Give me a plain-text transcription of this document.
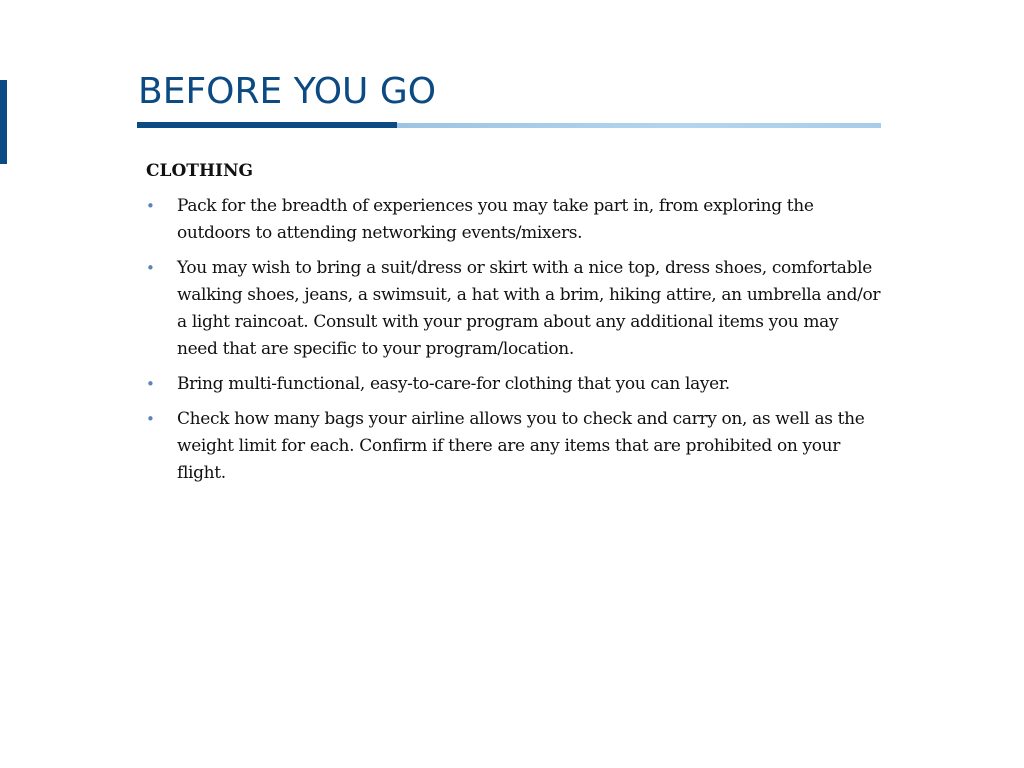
BEFORE YOU GO
CLOTHING
• Pack for the breadth of experiences you may take part in, from exploring the outdoors to attending networking events/mixers.
• You may wish to bring a suit/dress or skirt with a nice top, dress shoes, comfortable walking shoes, jeans, a swimsuit, a hat with a brim, hiking attire, an umbrella and/or a light raincoat. Consult with your program about any additional items you may need that are specific to your program/location.
• Bring multi-functional, easy-to-care-for clothing that you can layer.
• Check how many bags your airline allows you to check and carry on, as well as the weight limit for each. Confirm if there are any items that are prohibited on your flight.
